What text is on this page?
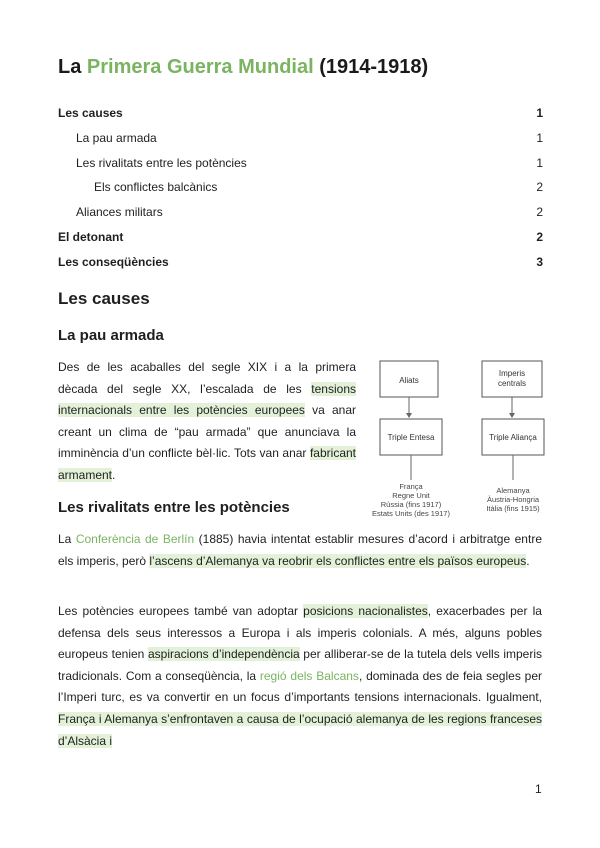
La Primera Guerra Mundial (1914-1918)
Les causes	1
La pau armada	1
Les rivalitats entre les potències	1
Els conflictes balcànics	2
Aliances militars	2
El detonant	2
Les conseqüències	3
Les causes
La pau armada
Des de les acaballes del segle XIX i a la primera dècada del segle XX, l’escalada de les tensions internacionals entre les potències europees va anar creant un clima de “pau armada” que anunciava la imminència d’un conflicte bèl·lic. Tots van anar fabricant armament.
Aliats
Imperis
centrals
Triple Entesa	Triple Aliança
França
Regne Unit
Rússia (fins 1917)
Estats Units (des 1917)
Alemanya
Àustria-Hongria
Itàlia (fins 1915)
Les rivalitats entre les potències
La Conferència de Berlín (1885) havia intentat establir mesures d’acord i arbitratge entre els imperis, però l’ascens d’Alemanya va reobrir els conflictes entre els països europeus.
Les potències europees també van adoptar posicions nacionalistes, exacerbades per la defensa dels seus interessos a Europa i als imperis colonials. A més, alguns pobles europeus tenien aspiracions d’independència per alliberar-se de la tutela dels vells imperis tradicionals. Com a conseqüència, la regió dels Balcans, dominada des de feia segles per l’Imperi turc, es va convertir en un focus d’importants tensions internacionals. Igualment, França i Alemanya s’enfrontaven a causa de l’ocupació alemanya de les regions franceses d’Alsàcia i
1
